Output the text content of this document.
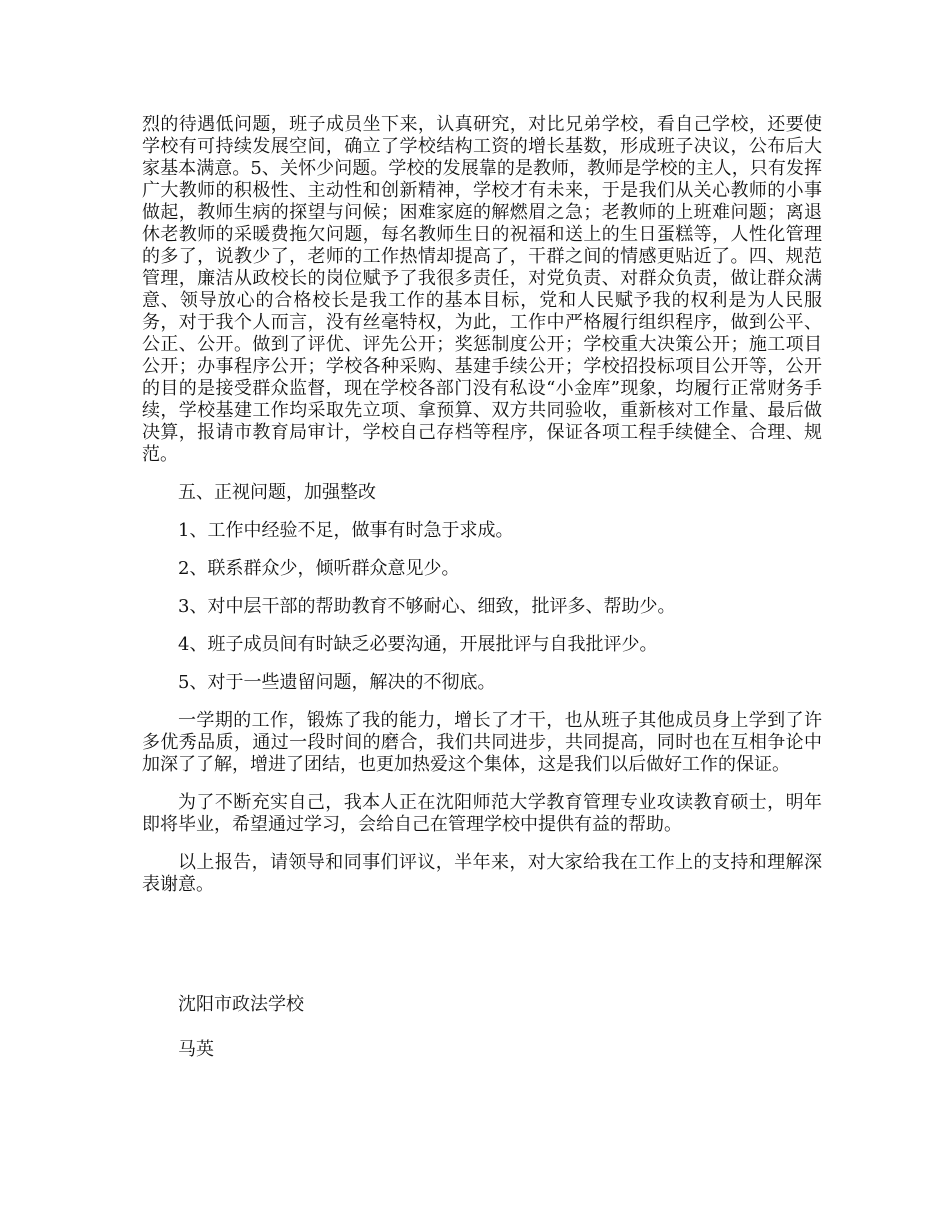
烈的待遇低问题，班子成员坐下来，认真研究，对比兄弟学校，看自己学校，还要使学校有可持续发展空间，确立了学校结构工资的增长基数，形成班子决议，公布后大家基本满意。5、关怀少问题。学校的发展靠的是教师，教师是学校的主人，只有发挥广大教师的积极性、主动性和创新精神，学校才有未来，于是我们从关心教师的小事做起，教师生病的探望与问候；困难家庭的解燃眉之急；老教师的上班难问题；离退休老教师的采暖费拖欠问题，每名教师生日的祝福和送上的生日蛋糕等，人性化管理的多了，说教少了，老师的工作热情却提高了，干群之间的情感更贴近了。四、规范管理，廉洁从政校长的岗位赋予了我很多责任，对党负责、对群众负责，做让群众满意、领导放心的合格校长是我工作的基本目标，党和人民赋予我的权利是为人民服务，对于我个人而言，没有丝毫特权，为此，工作中严格履行组织程序，做到公平、公正、公开。做到了评优、评先公开；奖惩制度公开；学校重大决策公开；施工项目公开；办事程序公开；学校各种采购、基建手续公开；学校招投标项目公开等，公开的目的是接受群众监督，现在学校各部门没有私设“小金库”现象，均履行正常财务手续，学校基建工作均采取先立项、拿预算、双方共同验收，重新核对工作量、最后做决算，报请市教育局审计，学校自己存档等程序，保证各项工程手续健全、合理、规范。

五、正视问题，加强整改

1、工作中经验不足，做事有时急于求成。

2、联系群众少，倾听群众意见少。

3、对中层干部的帮助教育不够耐心、细致，批评多、帮助少。

4、班子成员间有时缺乏必要沟通，开展批评与自我批评少。

5、对于一些遗留问题，解决的不彻底。

一学期的工作，锻炼了我的能力，增长了才干，也从班子其他成员身上学到了许多优秀品质，通过一段时间的磨合，我们共同进步，共同提高，同时也在互相争论中加深了了解，增进了团结，也更加热爱这个集体，这是我们以后做好工作的保证。

为了不断充实自己，我本人正在沈阳师范大学教育管理专业攻读教育硕士，明年即将毕业，希望通过学习，会给自己在管理学校中提供有益的帮助。

以上报告，请领导和同事们评议，半年来，对大家给我在工作上的支持和理解深表谢意。

沈阳市政法学校

马英
